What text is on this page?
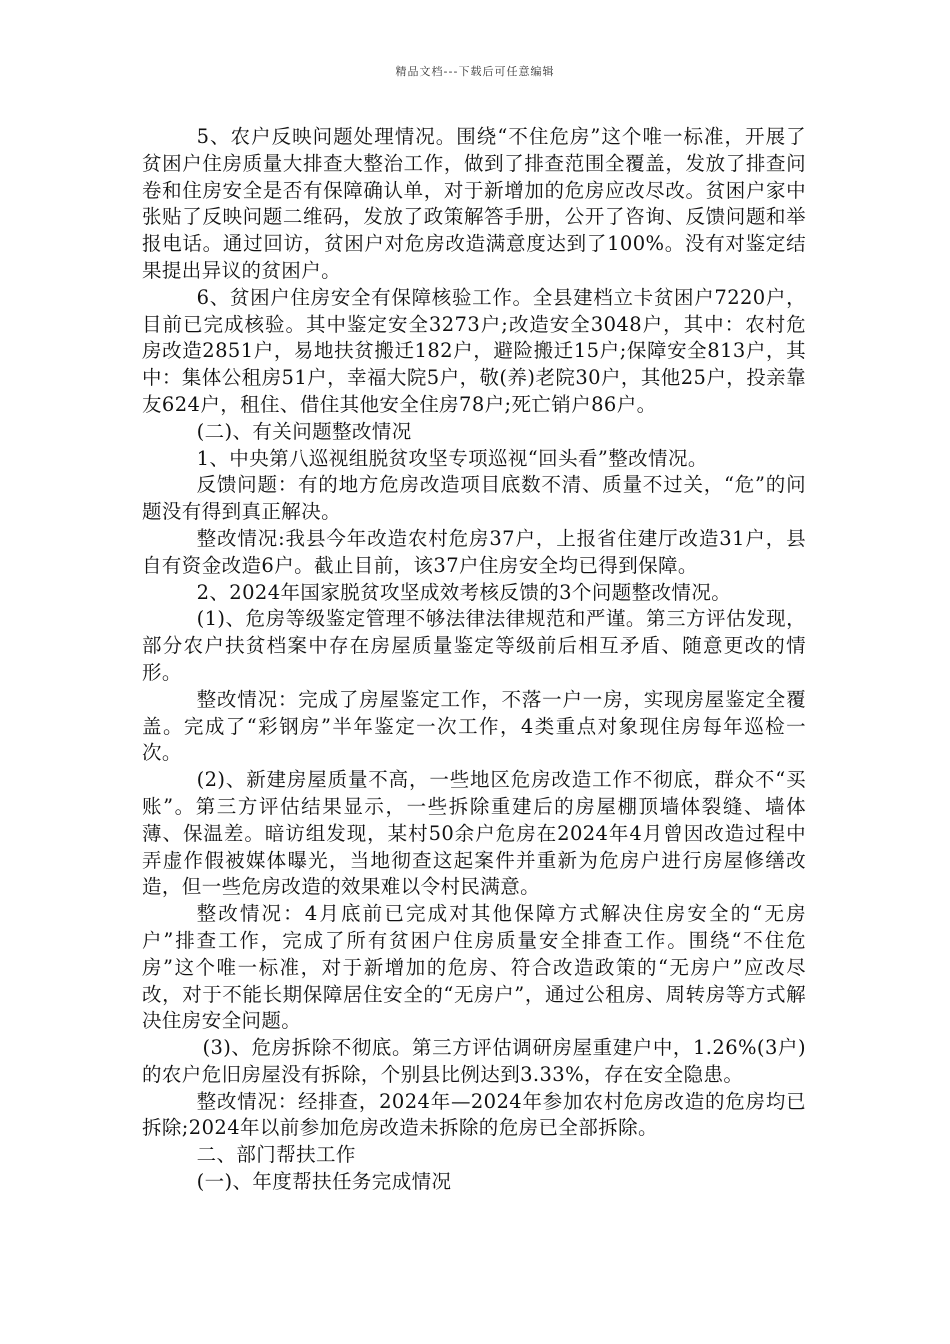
精品文档---下载后可任意编辑

5、农户反映问题处理情况。围绕“不住危房”这个唯一标准，开展了贫困户住房质量大排查大整治工作，做到了排查范围全覆盖，发放了排查问卷和住房安全是否有保障确认单，对于新增加的危房应改尽改。贫困户家中张贴了反映问题二维码，发放了政策解答手册，公开了咨询、反馈问题和举报电话。通过回访，贫困户对危房改造满意度达到了100%。没有对鉴定结果提出异议的贫困户。

6、贫困户住房安全有保障核验工作。全县建档立卡贫困户7220户，目前已完成核验。其中鉴定安全3273户;改造安全3048户，其中：农村危房改造2851户，易地扶贫搬迁182户，避险搬迁15户;保障安全813户，其中：集体公租房51户，幸福大院5户，敬(养)老院30户，其他25户，投亲靠友624户，租住、借住其他安全住房78户;死亡销户86户。

(二)、有关问题整改情况

1、中央第八巡视组脱贫攻坚专项巡视“回头看”整改情况。

反馈问题：有的地方危房改造项目底数不清、质量不过关，“危”的问题没有得到真正解决。

整改情况:我县今年改造农村危房37户，上报省住建厅改造31户，县自有资金改造6户。截止目前，该37户住房安全均已得到保障。

2、2024年国家脱贫攻坚成效考核反馈的3个问题整改情况。

(1)、危房等级鉴定管理不够法律法律规范和严谨。第三方评估发现，部分农户扶贫档案中存在房屋质量鉴定等级前后相互矛盾、随意更改的情形。

整改情况：完成了房屋鉴定工作，不落一户一房，实现房屋鉴定全覆盖。完成了“彩钢房”半年鉴定一次工作，4类重点对象现住房每年巡检一次。

(2)、新建房屋质量不高，一些地区危房改造工作不彻底，群众不“买账”。第三方评估结果显示，一些拆除重建后的房屋棚顶墙体裂缝、墙体薄、保温差。暗访组发现，某村50余户危房在2024年4月曾因改造过程中弄虚作假被媒体曝光，当地彻查这起案件并重新为危房户进行房屋修缮改造，但一些危房改造的效果难以令村民满意。

整改情况：4月底前已完成对其他保障方式解决住房安全的“无房户”排查工作，完成了所有贫困户住房质量安全排查工作。围绕“不住危房”这个唯一标准，对于新增加的危房、符合改造政策的“无房户”应改尽改，对于不能长期保障居住安全的“无房户”，通过公租房、周转房等方式解决住房安全问题。

(3)、危房拆除不彻底。第三方评估调研房屋重建户中，1.26%(3户)的农户危旧房屋没有拆除，个别县比例达到3.33%，存在安全隐患。

整改情况：经排查，2024年—2024年参加农村危房改造的危房均已拆除;2024年以前参加危房改造未拆除的危房已全部拆除。

二、部门帮扶工作

(一)、年度帮扶任务完成情况
